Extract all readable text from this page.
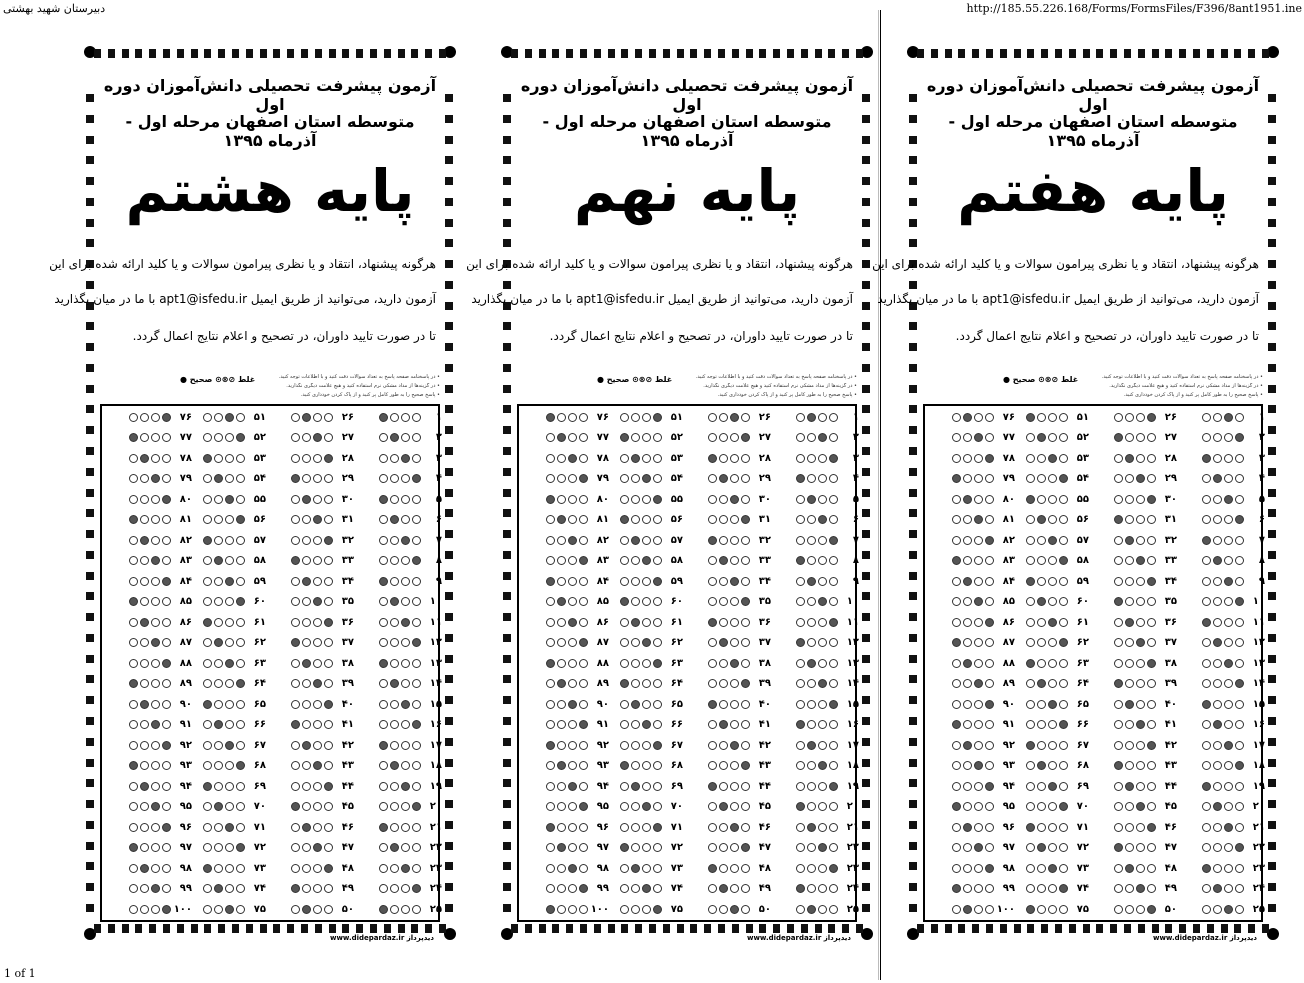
دبیرستان شهید بهشتی	http://185.55.226.168/Forms/FormsFiles/F396/8ant1951.ine
1 of 1
آزمون پیشرفت تحصیلی دانش‌آموزان دوره اول
متوسطه استان اصفهان مرحله اول - آذرماه ۱۳۹۵
پایه هشتم
هرگونه پیشنهاد، انتقاد و یا نظری پیرامون سوالات و یا کلید ارائه شده برای این
آزمون دارید، می‌توانید از طریق ایمیل apt1@isfedu.ir با ما در میان بگذارید
تا در صورت تایید داوران، در تصحیح و اعلام نتایج اعمال گردد.
• در پاسخنامه صفحه پاسخ به تعداد سوالات دقت کنید و با اطلاعات توجه کنید.
• در گزینه‌ها از مداد مشکی نرم استفاده کنید و هیچ علامت دیگری نگذارید.
• پاسخ صحیح را به طور کامل پر کنید و از پاک کردن خودداری کنید.
غلط ⊘⊗⊙ صحیح ●
۱
۲
۳
۴
۵
۶
۷
۸
۹
۱۰
۱۱
۱۲
۱۳
۱۴
۱۵
۱۶
۱۷
۱۸
۱۹
۲۰
۲۱
۲۲
۲۳
۲۴
۲۵
۲۶
۲۷
۲۸
۲۹
۳۰
۳۱
۳۲
۳۳
۳۴
۳۵
۳۶
۳۷
۳۸
۳۹
۴۰
۴۱
۴۲
۴۳
۴۴
۴۵
۴۶
۴۷
۴۸
۴۹
۵۰
۵۱
۵۲
۵۳
۵۴
۵۵
۵۶
۵۷
۵۸
۵۹
۶۰
۶۱
۶۲
۶۳
۶۴
۶۵
۶۶
۶۷
۶۸
۶۹
۷۰
۷۱
۷۲
۷۳
۷۴
۷۵
۷۶
۷۷
۷۸
۷۹
۸۰
۸۱
۸۲
۸۳
۸۴
۸۵
۸۶
۸۷
۸۸
۸۹
۹۰
۹۱
۹۲
۹۳
۹۴
۹۵
۹۶
۹۷
۹۸
۹۹
۱۰۰
www.didepardaz.ir دیدپرداز
آزمون پیشرفت تحصیلی دانش‌آموزان دوره اول
متوسطه استان اصفهان مرحله اول - آذرماه ۱۳۹۵
پایه نهم
هرگونه پیشنهاد، انتقاد و یا نظری پیرامون سوالات و یا کلید ارائه شده برای این
آزمون دارید، می‌توانید از طریق ایمیل apt1@isfedu.ir با ما در میان بگذارید
تا در صورت تایید داوران، در تصحیح و اعلام نتایج اعمال گردد.
• در پاسخنامه صفحه پاسخ به تعداد سوالات دقت کنید و با اطلاعات توجه کنید.
• در گزینه‌ها از مداد مشکی نرم استفاده کنید و هیچ علامت دیگری نگذارید.
• پاسخ صحیح را به طور کامل پر کنید و از پاک کردن خودداری کنید.
غلط ⊘⊗⊙ صحیح ●
۱
۲
۳
۴
۵
۶
۷
۸
۹
۱۰
۱۱
۱۲
۱۳
۱۴
۱۵
۱۶
۱۷
۱۸
۱۹
۲۰
۲۱
۲۲
۲۳
۲۴
۲۵
۲۶
۲۷
۲۸
۲۹
۳۰
۳۱
۳۲
۳۳
۳۴
۳۵
۳۶
۳۷
۳۸
۳۹
۴۰
۴۱
۴۲
۴۳
۴۴
۴۵
۴۶
۴۷
۴۸
۴۹
۵۰
۵۱
۵۲
۵۳
۵۴
۵۵
۵۶
۵۷
۵۸
۵۹
۶۰
۶۱
۶۲
۶۳
۶۴
۶۵
۶۶
۶۷
۶۸
۶۹
۷۰
۷۱
۷۲
۷۳
۷۴
۷۵
۷۶
۷۷
۷۸
۷۹
۸۰
۸۱
۸۲
۸۳
۸۴
۸۵
۸۶
۸۷
۸۸
۸۹
۹۰
۹۱
۹۲
۹۳
۹۴
۹۵
۹۶
۹۷
۹۸
۹۹
۱۰۰
www.didepardaz.ir دیدپرداز
آزمون پیشرفت تحصیلی دانش‌آموزان دوره اول
متوسطه استان اصفهان مرحله اول - آذرماه ۱۳۹۵
پایه هفتم
هرگونه پیشنهاد، انتقاد و یا نظری پیرامون سوالات و یا کلید ارائه شده برای این
آزمون دارید، می‌توانید از طریق ایمیل apt1@isfedu.ir با ما در میان بگذارید
تا در صورت تایید داوران، در تصحیح و اعلام نتایج اعمال گردد.
• در پاسخنامه صفحه پاسخ به تعداد سوالات دقت کنید و با اطلاعات توجه کنید.
• در گزینه‌ها از مداد مشکی نرم استفاده کنید و هیچ علامت دیگری نگذارید.
• پاسخ صحیح را به طور کامل پر کنید و از پاک کردن خودداری کنید.
غلط ⊘⊗⊙ صحیح ●
۱
۲
۳
۴
۵
۶
۷
۸
۹
۱۰
۱۱
۱۲
۱۳
۱۴
۱۵
۱۶
۱۷
۱۸
۱۹
۲۰
۲۱
۲۲
۲۳
۲۴
۲۵
۲۶
۲۷
۲۸
۲۹
۳۰
۳۱
۳۲
۳۳
۳۴
۳۵
۳۶
۳۷
۳۸
۳۹
۴۰
۴۱
۴۲
۴۳
۴۴
۴۵
۴۶
۴۷
۴۸
۴۹
۵۰
۵۱
۵۲
۵۳
۵۴
۵۵
۵۶
۵۷
۵۸
۵۹
۶۰
۶۱
۶۲
۶۳
۶۴
۶۵
۶۶
۶۷
۶۸
۶۹
۷۰
۷۱
۷۲
۷۳
۷۴
۷۵
۷۶
۷۷
۷۸
۷۹
۸۰
۸۱
۸۲
۸۳
۸۴
۸۵
۸۶
۸۷
۸۸
۸۹
۹۰
۹۱
۹۲
۹۳
۹۴
۹۵
۹۶
۹۷
۹۸
۹۹
۱۰۰
www.didepardaz.ir دیدپرداز
